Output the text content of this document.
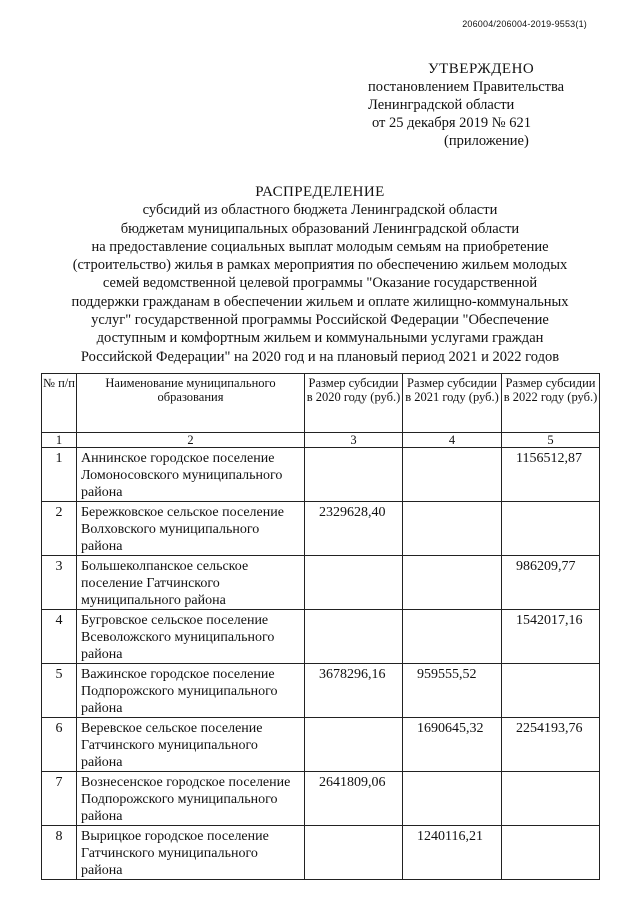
206004/206004-2019-9553(1)
УТВЕРЖДЕНО
постановлением Правительства
Ленинградской области
от 25 декабря 2019 № 621
(приложение)
РАСПРЕДЕЛЕНИЕ
субсидий из областного бюджета Ленинградской области
бюджетам муниципальных образований Ленинградской области
на предоставление социальных выплат молодым семьям на приобретение
(строительство) жилья в рамках мероприятия по обеспечению жильем молодых
семей ведомственной целевой программы "Оказание государственной
поддержки гражданам в обеспечении жильем и оплате жилищно-коммунальных
услуг" государственной программы Российской Федерации "Обеспечение
доступным и комфортным жильем и коммунальными услугами граждан
Российской Федерации" на 2020 год и на плановый период 2021 и 2022 годов
№ п/п	Наименование муниципального образования	Размер субсидии в 2020 году (руб.)	Размер субсидии в 2021 году (руб.)	Размер субсидии в 2022 году (руб.)
1	2	3	4	5
1	Аннинское городское поселение Ломоносовского муниципального района			1156512,87
2	Бережковское сельское поселение Волховского муниципального района	2329628,40		
3	Большеколпанское сельское поселение Гатчинского муниципального района			986209,77
4	Бугровское сельское поселение Всеволожского муниципального района			1542017,16
5	Важинское городское поселение Подпорожского муниципального района	3678296,16	959555,52	
6	Веревское сельское поселение Гатчинского муниципального района		1690645,32	2254193,76
7	Вознесенское городское поселение Подпорожского муниципального района	2641809,06		
8	Вырицкое городское поселение Гатчинского муниципального района		1240116,21	
